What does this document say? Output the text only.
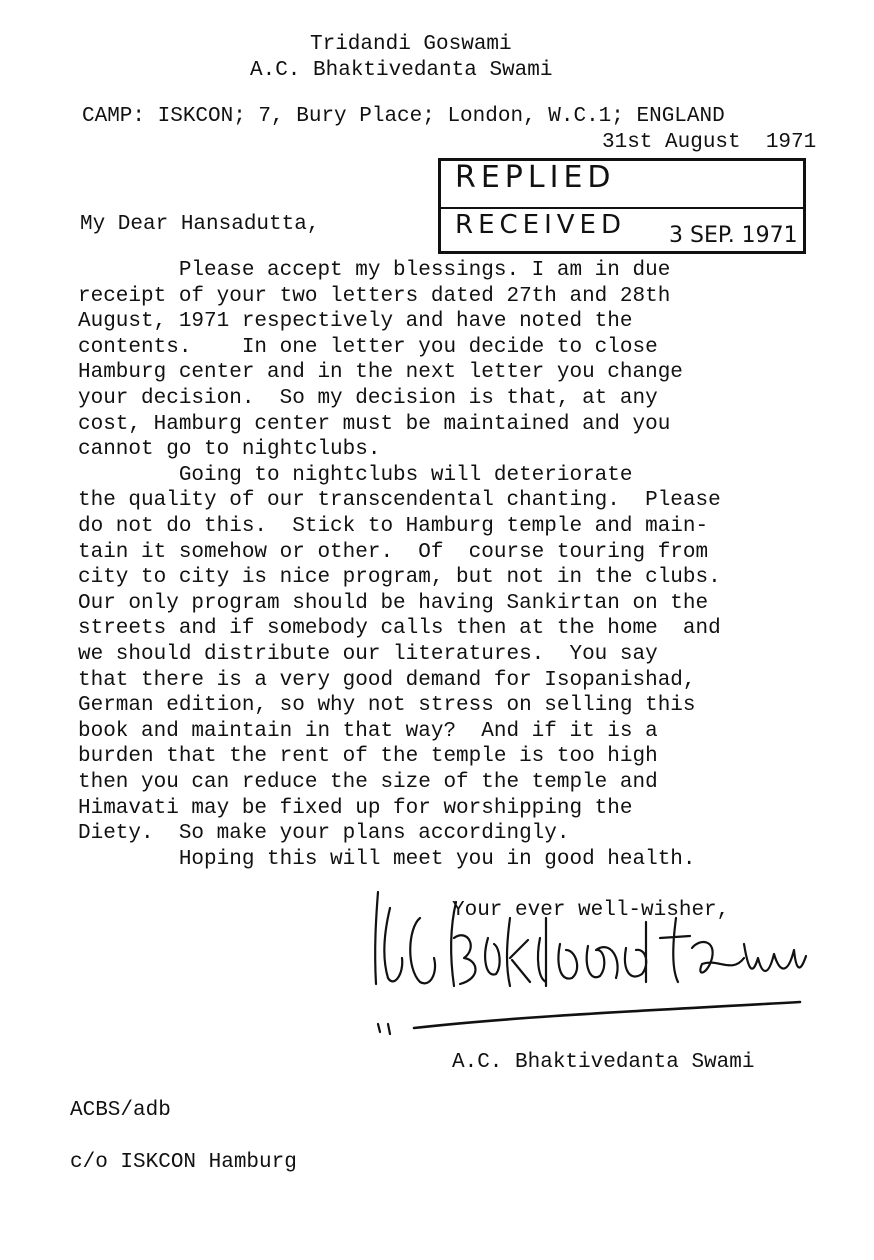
Tridandi Goswami
A.C. Bhaktivedanta Swami
CAMP: ISKCON; 7, Bury Place; London, W.C.1; ENGLAND
31st August  1971
REPLIED
RECEIVED 3 SEP. 1971
My Dear Hansadutta,
Please accept my blessings. I am in due
receipt of your two letters dated 27th and 28th
August, 1971 respectively and have noted the
contents.    In one letter you decide to close
Hamburg center and in the next letter you change
your decision.  So my decision is that, at any
cost, Hamburg center must be maintained and you
cannot go to nightclubs.
Going to nightclubs will deteriorate
the quality of our transcendental chanting.  Please
do not do this.  Stick to Hamburg temple and main-
tain it somehow or other.  Of  course touring from
city to city is nice program, but not in the clubs.
Our only program should be having Sankirtan on the
streets and if somebody calls then at the home  and
we should distribute our literatures.  You say
that there is a very good demand for Isopanishad,
German edition, so why not stress on selling this
book and maintain in that way?  And if it is a
burden that the rent of the temple is too high
then you can reduce the size of the temple and
Himavati may be fixed up for worshipping the
Diety.  So make your plans accordingly.
Hoping this will meet you in good health.
Your ever well-wisher,
A.C. Bhaktivedanta Swami
ACBS/adb
c/o ISKCON Hamburg
